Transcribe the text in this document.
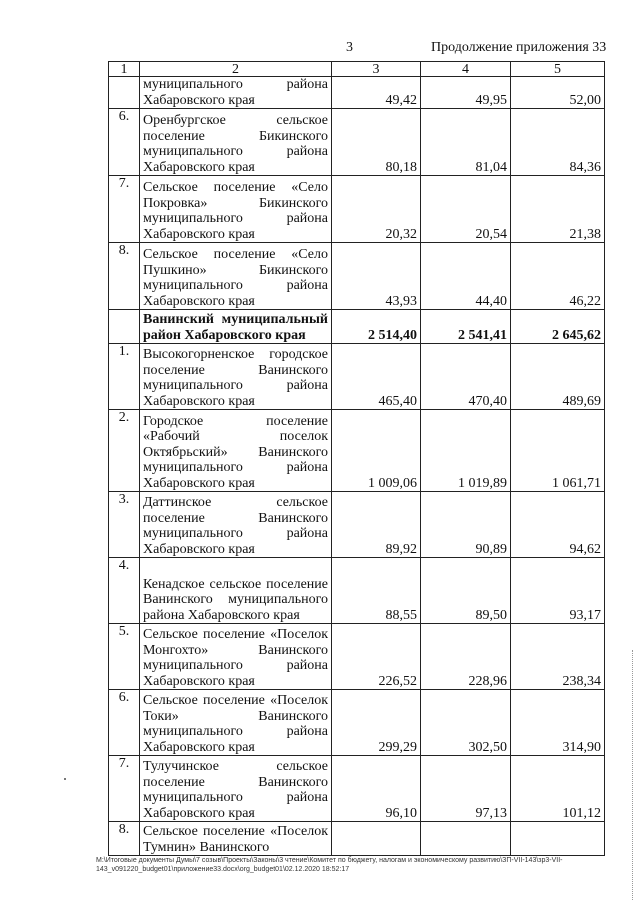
3	Продолжение приложения 33
1	2	3	4	5
	муниципального района Хабаровского края	49,42	49,95	52,00
6.	Оренбургское сельское поселение Бикинского муниципального района Хабаровского края	80,18	81,04	84,36
7.	Сельское поселение «Село Покровка» Бикинского муниципального района Хабаровского края	20,32	20,54	21,38
8.	Сельское поселение «Село Пушкино» Бикинского муниципального района Хабаровского края	43,93	44,40	46,22
	Ванинский муниципальный район Хабаровского края	2 514,40	2 541,41	2 645,62
1.	Высокогорненское городское поселение Ванинского муниципального района Хабаровского края	465,40	470,40	489,69
2.	Городское поселение «Рабочий поселок Октябрьский» Ванинского муниципального района Хабаровского края	1 009,06	1 019,89	1 061,71
3.	Даттинское сельское поселение Ванинского муниципального района Хабаровского края	89,92	90,89	94,62
4.	Кенадское сельское поселение Ванинского муниципального района Хабаровского края	88,55	89,50	93,17
5.	Сельское поселение «Поселок Монгохто» Ванинского муниципального района Хабаровского края	226,52	228,96	238,34
6.	Сельское поселение «Поселок Токи» Ванинского муниципального района Хабаровского края	299,29	302,50	314,90
7.	Тулучинское сельское поселение Ванинского муниципального района Хабаровского края	96,10	97,13	101,12
8.	Сельское поселение «Поселок Тумнин» Ванинского			
M:\Итоговые документы Думы\7 созыв\Проекты\Законы\3 чтение\Комитет по бюджету, налогам и экономическому развитию\ЗП-VII-143\зр3-VII-143_v091220_budget01\приложение33.docx\org_budget01\02.12.2020 18:52:17
